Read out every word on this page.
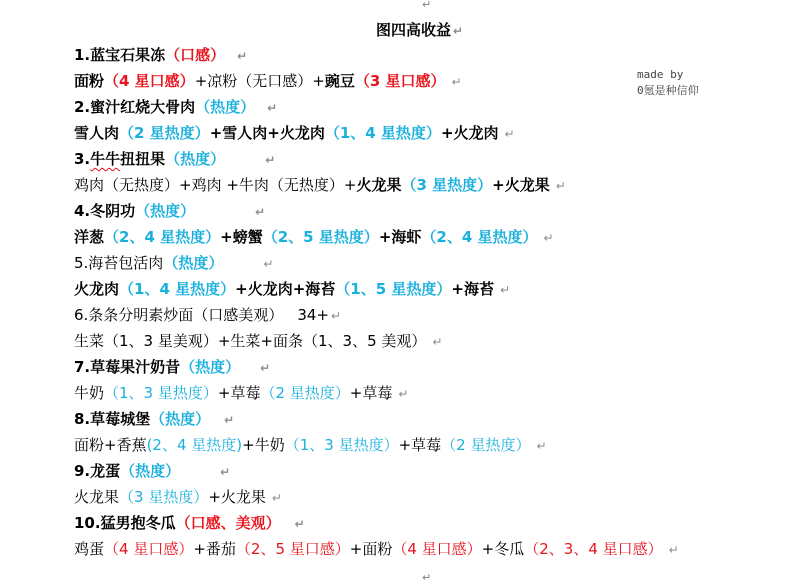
↵
↵
图四高收益 ↵
made by
0氪是种信仰
1.蓝宝石果冻（口感） ↵
面粉（4 星口感）+凉粉（无口感）+豌豆（3 星口感） ↵
2.蜜汁红烧大骨肉（热度） ↵
雪人肉（2 星热度）+雪人肉+火龙肉（1、4 星热度）+火龙肉 ↵
3.牛牛扭扭果（热度）	↵
鸡肉（无热度）+鸡肉 +牛肉（无热度）+火龙果（3 星热度）+火龙果 ↵
4.冬阴功（热度）	↵
洋葱（2、4 星热度）+螃蟹（2、5 星热度）+海虾（2、4 星热度） ↵
5.海苔包活肉（热度）	↵
火龙肉（1、4 星热度）+火龙肉+海苔（1、5 星热度）+海苔 ↵
6.条条分明素炒面（口感美观） 34+ ↵
生菜（1、3 星美观）+生菜+面条（1、3、5 美观） ↵
7.草莓果汁奶昔（热度） ↵
牛奶（1、3 星热度）+草莓（2 星热度）+草莓 ↵
8.草莓城堡（热度） ↵
面粉+香蕉(2、4 星热度)+牛奶（1、3 星热度）+草莓（2 星热度） ↵
9.龙蛋（热度）	↵
火龙果（3 星热度）+火龙果 ↵
10.猛男抱冬瓜（口感、美观） ↵
鸡蛋（4 星口感）+番茄（2、5 星口感）+面粉（4 星口感）+冬瓜（2、3、4 星口感） ↵
